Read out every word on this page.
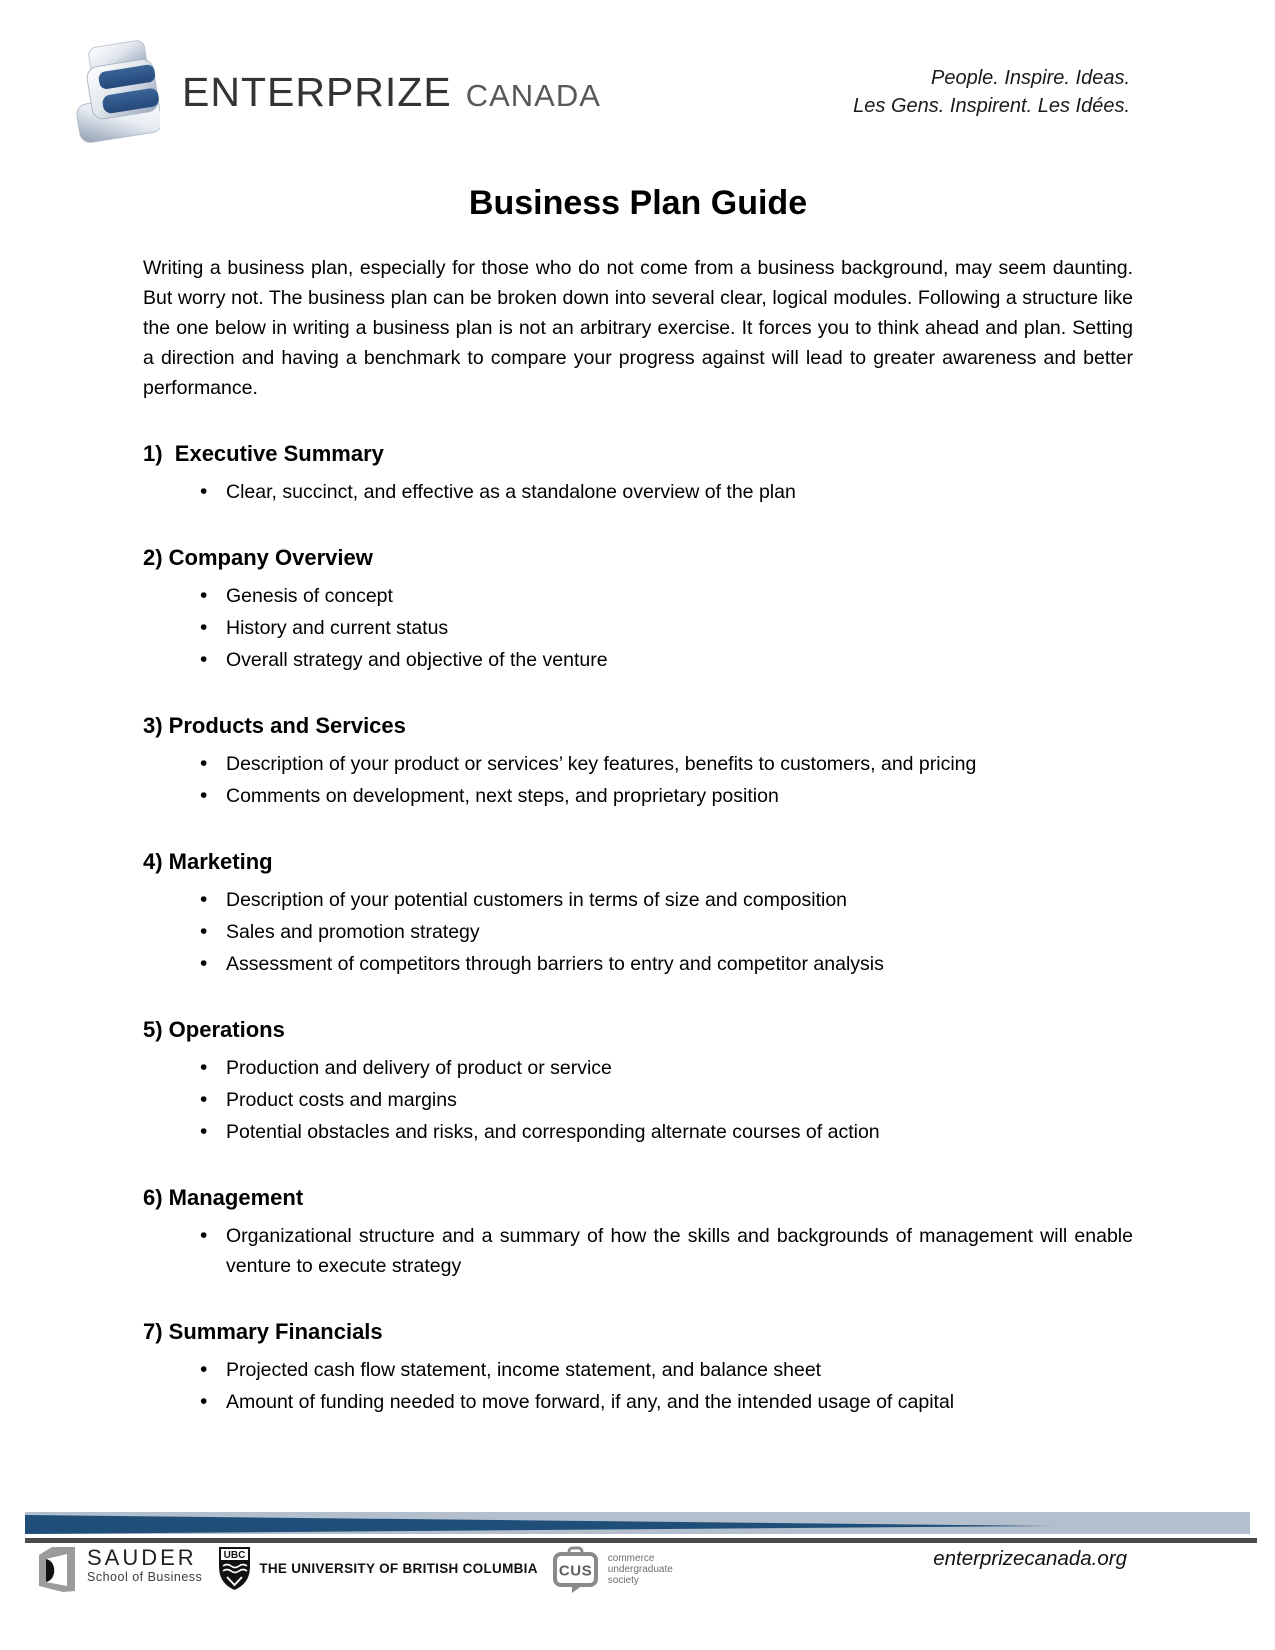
ENTERPRIZE CANADA	People. Inspire. Ideas.
Les Gens. Inspirent. Les Idées.
Business Plan Guide

Writing a business plan, especially for those who do not come from a business background, may seem daunting. But worry not. The business plan can be broken down into several clear, logical modules. Following a structure like the one below in writing a business plan is not an arbitrary exercise. It forces you to think ahead and plan. Setting a direction and having a benchmark to compare your progress against will lead to greater awareness and better performance.

1)  Executive Summary
• Clear, succinct, and effective as a standalone overview of the plan
2) Company Overview
• Genesis of concept
• History and current status
• Overall strategy and objective of the venture
3) Products and Services
• Description of your product or services’ key features, benefits to customers, and pricing
• Comments on development, next steps, and proprietary position
4) Marketing
• Description of your potential customers in terms of size and composition
• Sales and promotion strategy
• Assessment of competitors through barriers to entry and competitor analysis
5) Operations
• Production and delivery of product or service
• Product costs and margins
• Potential obstacles and risks, and corresponding alternate courses of action
6) Management
• Organizational structure and a summary of how the skills and backgrounds of management will enable venture to execute strategy
7) Summary Financials
• Projected cash flow statement, income statement, and balance sheet
• Amount of funding needed to move forward, if any, and the intended usage of capital
SAUDER
School of Business
UBC
THE UNIVERSITY OF BRITISH COLUMBIA CUS
commerce
undergraduate
society
enterprizecanada.org
